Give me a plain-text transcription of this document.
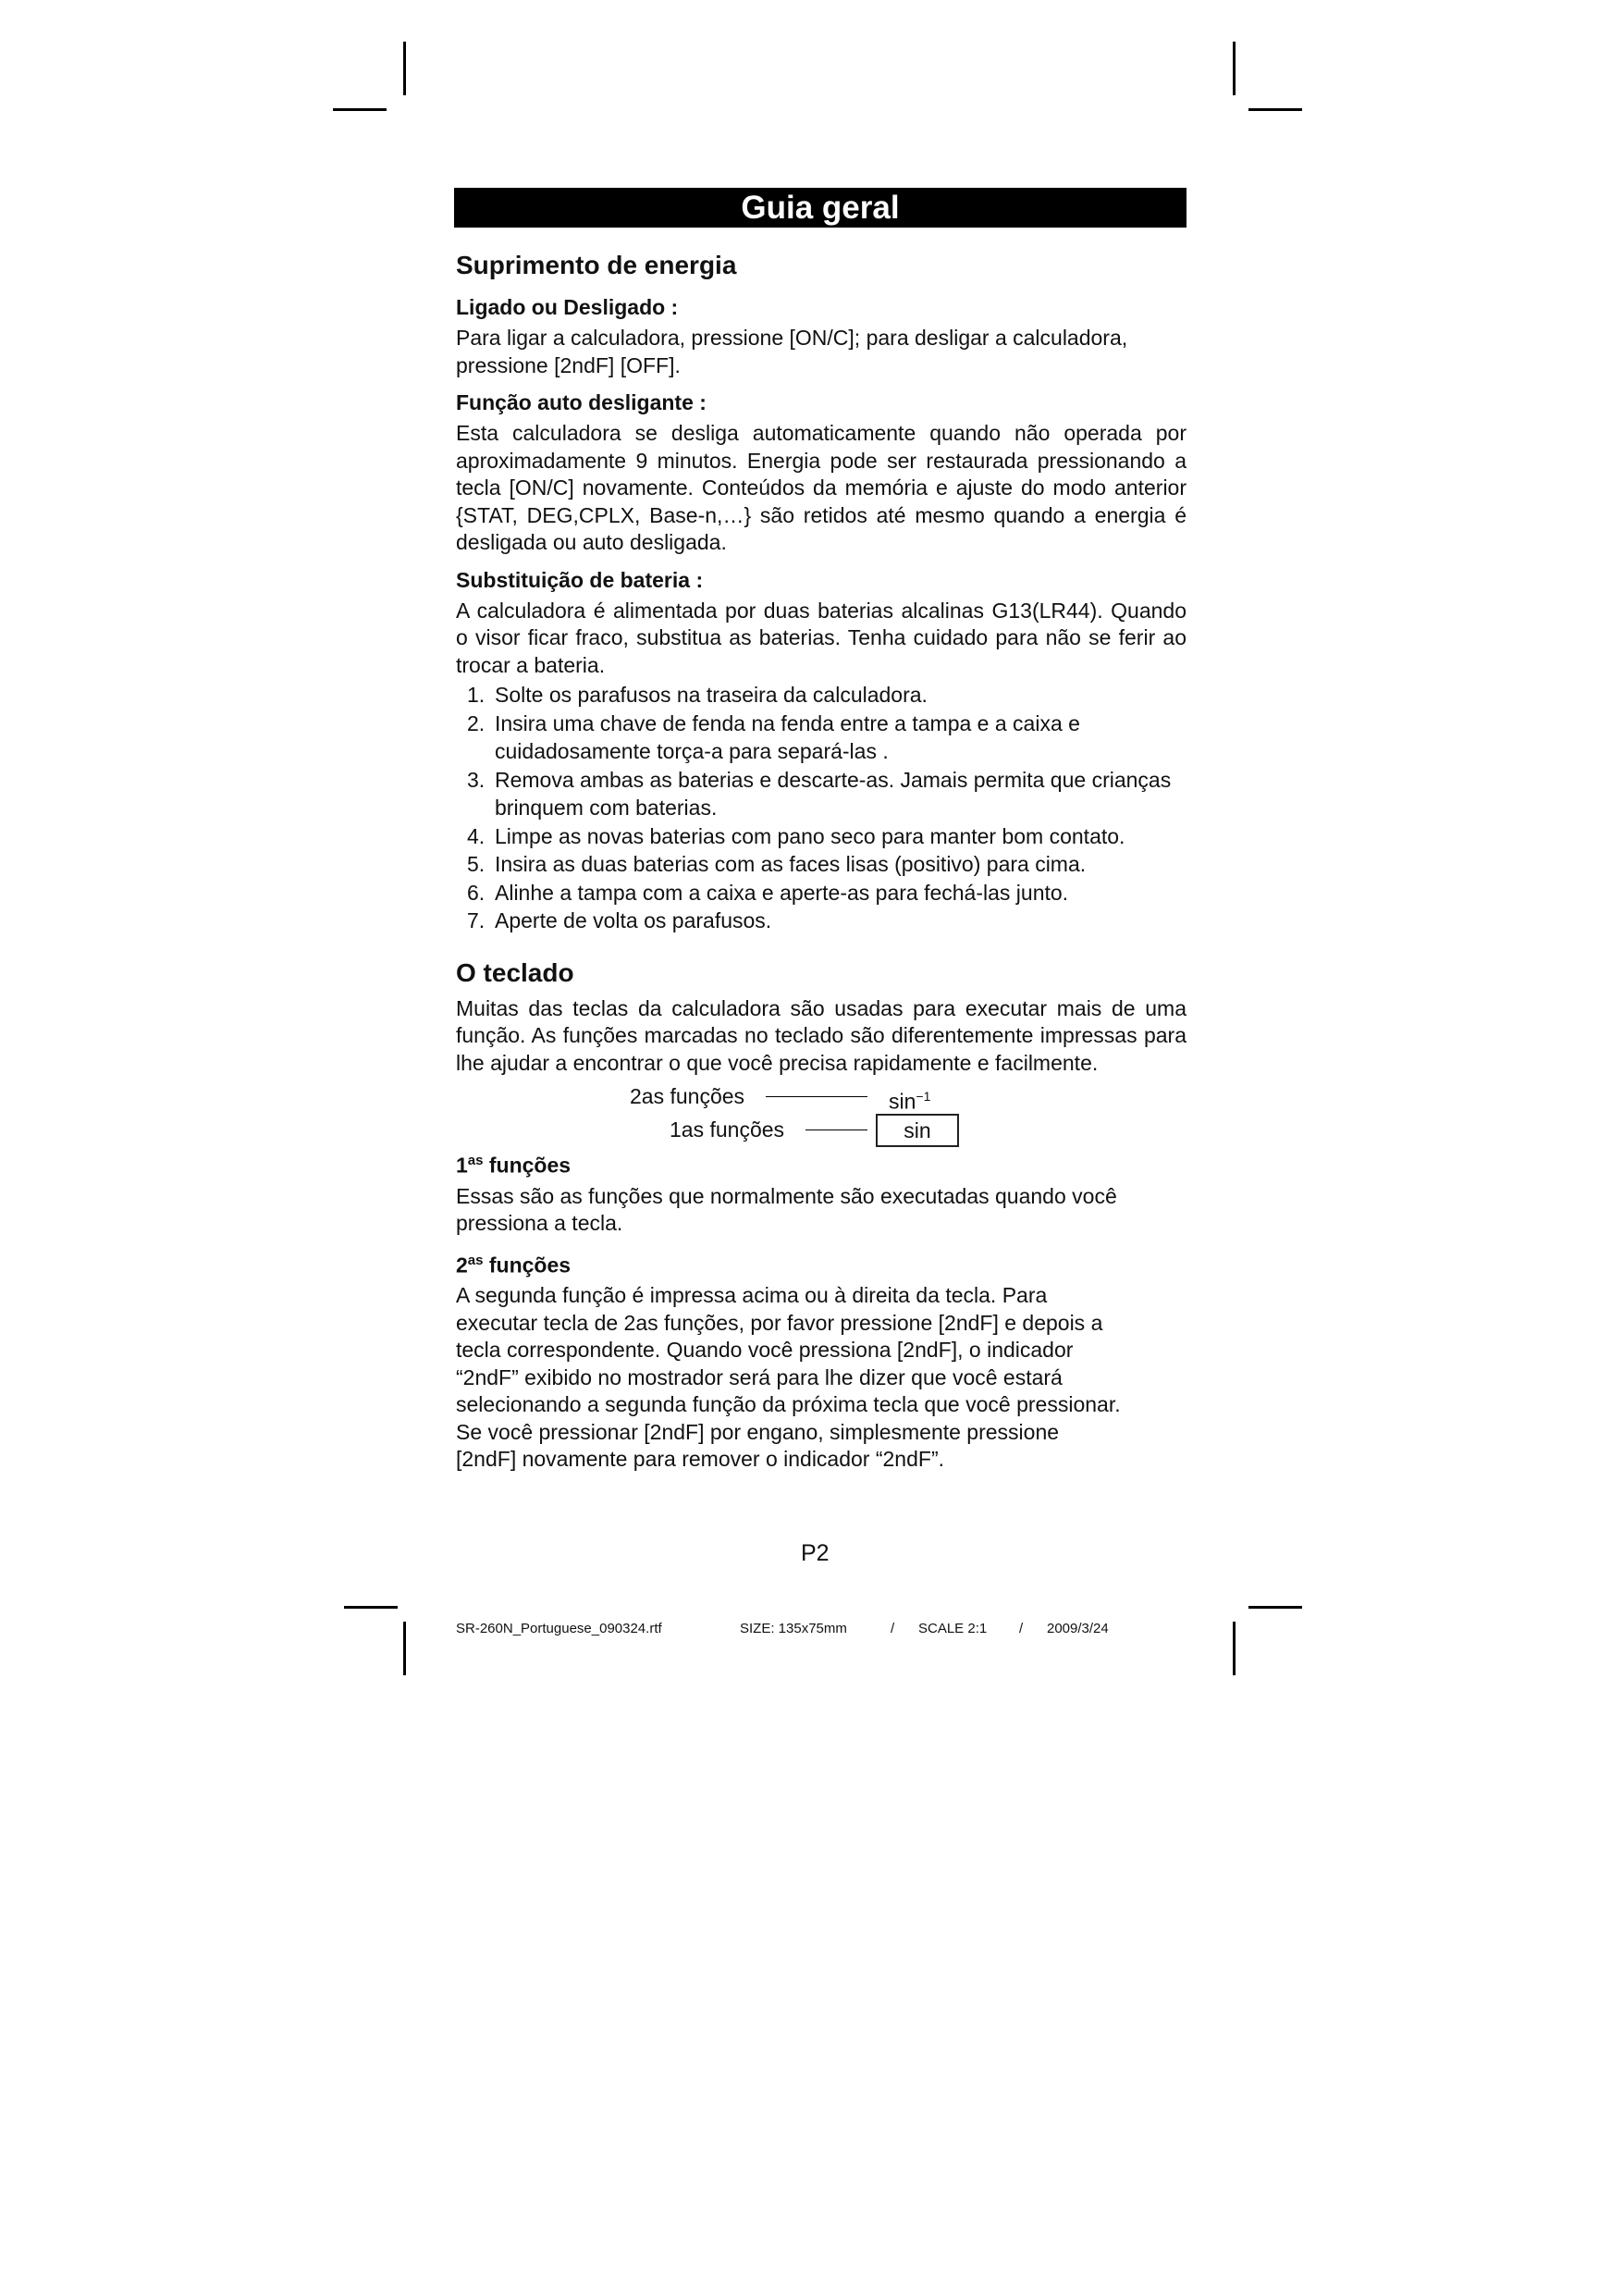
Guia geral
Suprimento de energia
Ligado ou Desligado :

Para ligar a calculadora, pressione [ON/C]; para desligar a calculadora, pressione [2ndF] [OFF].

Função auto desligante :

Esta calculadora se desliga automaticamente quando não operada por aproximadamente 9 minutos. Energia pode ser restaurada pressionando a tecla [ON/C] novamente. Conteúdos da memória e ajuste do modo anterior {STAT, DEG,CPLX, Base-n,…} são retidos até mesmo quando a energia é desligada ou auto desligada.

Substituição de bateria :

A calculadora é alimentada por duas baterias alcalinas G13(LR44). Quando o visor ficar fraco, substitua as baterias. Tenha cuidado para não se ferir ao trocar a bateria.

1. Solte os parafusos na traseira da calculadora.
2. Insira uma chave de fenda na fenda entre a tampa e a caixa e cuidadosamente torça-a para separá-las .
3. Remova ambas as baterias e descarte-as. Jamais permita que crianças brinquem com baterias.
4. Limpe as novas baterias com pano seco para manter bom contato.
5. Insira as duas baterias com as faces lisas (positivo) para cima.
6. Alinhe a tampa com a caixa e aperte-as para fechá-las junto.
7. Aperte de volta os parafusos.
O teclado

Muitas das teclas da calculadora são usadas para executar mais de uma função. As funções marcadas no teclado são diferentemente impressas para lhe ajudar a encontrar o que você precisa rapidamente e facilmente.

2as funções	$\sin^{-1}$
1as funções	sin
$1^{as}$ funções

Essas são as funções que normalmente são executadas quando você pressiona a tecla.

$2^{as}$ funções

A segunda função é impressa acima ou à direita da tecla. Para
executar tecla de 2as funções, por favor pressione [2ndF] e depois a
tecla correspondente. Quando você pressiona [2ndF], o indicador
“2ndF” exibido no mostrador será para lhe dizer que você estará
selecionando a segunda função da próxima tecla que você pressionar.
Se você pressionar [2ndF] por engano, simplesmente pressione
[2ndF] novamente para remover o indicador “2ndF”.

P2
SR-260N_Portuguese_090324.rtf	SIZE: 135x75mm	/ SCALE 2:1 / 2009/3/24
